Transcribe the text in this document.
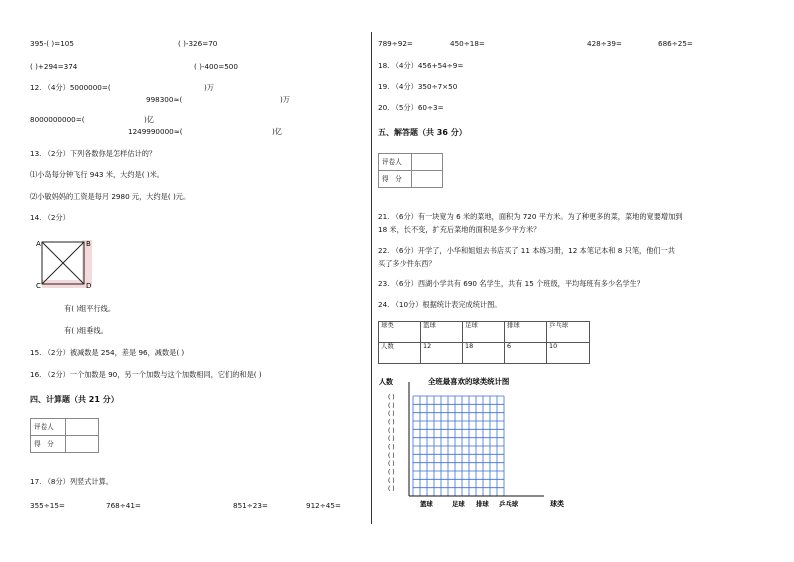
395-( )=105	( )-326=70
( )+294=374	( )-400=500
12. （4分）5000000=(	)万
998300≈(	)万
8000000000=(	)亿
1249990000≈(	)亿
13. （2分）下列各数你是怎样估计的？
⑴小岛每分钟飞行 943 米，大约是( )米。
⑵小敏妈妈的工资是每月 2980 元，大约是( )元。
14. （2分）
A	B
C	D
有( )组平行线。
有( )组垂线。
15. （2分）被减数是 254，差是 96，减数是( )
16. （2分）一个加数是 90，另一个加数与这个加数相同，它们的和是( )
四、计算题（共 21 分）
评卷人	
得　分	
17. （8分）列竖式计算。
355÷15=	768÷41=	851÷23=	912÷45=
789÷92=	450÷18=	428÷39=	686÷25=
18. （4分）456+54÷9=
19. （4分）350÷7×50
20. （5分）60÷3=
五、解答题（共 36 分）
评卷人	
得　分	
21. （6分）有一块宽为 6 米的菜地，面积为 720 平方米。为了种更多的菜，菜地的宽要增加到
18 米，长不变，扩充后菜地的面积是多少平方米？
22. （6分）开学了，小华和姐姐去书店买了 11 本练习册，12 本笔记本和 8 只笔，他们一共
买了多少件东西？
23. （6分）西湖小学共有 690 名学生，共有 15 个班级，平均每班有多少名学生？
24. （10分）根据统计表完成统计图。
球类	篮球	足球	排球	乒乓球
人数	12	18	6	10
人数	全班最喜欢的球类统计图
( )
( )
( )
( )
( )
( )
( )
( )
( )
( )
( )
( )
篮球	足球 排球 乒乓球	球类
